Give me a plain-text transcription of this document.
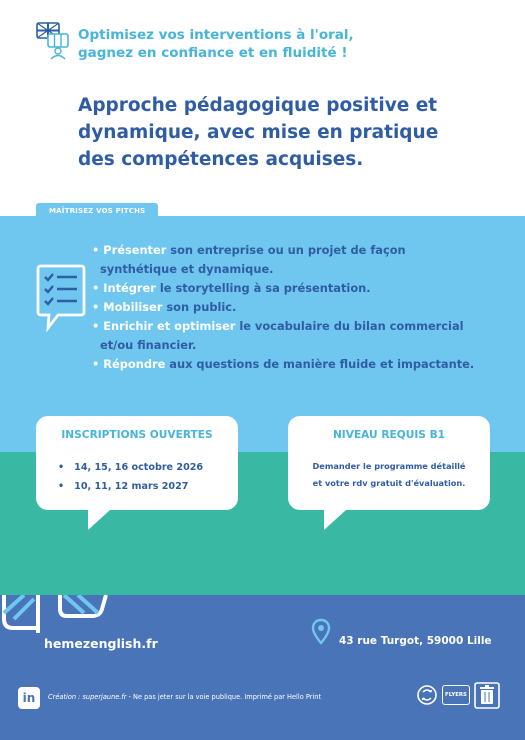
Optimisez vos interventions à l'oral,
gagnez en confiance et en fluidité !
Approche pédagogique positive et
dynamique, avec mise en pratique
des compétences acquises.
MAÎTRISEZ VOS PITCHS
• Présenter son entreprise ou un projet de façon
synthétique et dynamique.
• Intégrer le storytelling à sa présentation.
• Mobiliser son public.
• Enrichir et optimiser le vocabulaire du bilan commercial
et/ou financier.
• Répondre aux questions de manière fluide et impactante.
INSCRIPTIONS OUVERTES
• 14, 15, 16 octobre 2026
• 10, 11, 12 mars 2027
NIVEAU REQUIS B1
Demander le programme détaillé
et votre rdv gratuit d'évaluation.
hemezenglish.fr	43 rue Turgot, 59000 Lille
in	Création : superjaune.fr - Ne pas jeter sur la voie publique. Imprimé par Hello Print	FLYERS
